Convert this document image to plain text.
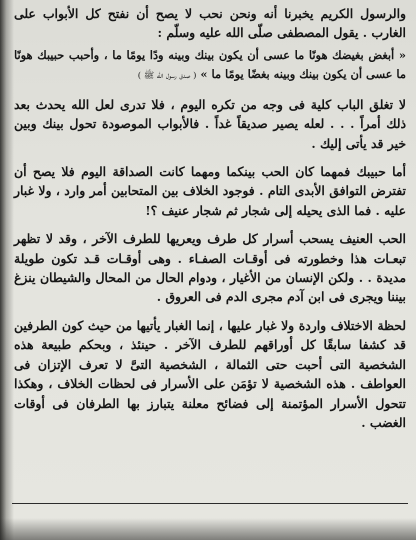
والرسول الكريم يخبرنا أنه ونحن نحب لا يصح أن نفتح كل الأبواب على الغارب . يقول المصطفى صلّى الله عليه وسلّم :

« أبغض بغيضك هونًا ما عسى أن يكون بينك وبينه ودًا يومًا ما ، وأحبب حبيبك هونًا ما عسى أن يكون بينك وبينه بغضًا يومًا ما » ( صدق رسول الله ﷺ )

لا تغلق الباب كلية فى وجه من تكره اليوم ، فلا تدرى لعل الله يحدث بعد ذلك أمراً . . . لعله يصير صديقاً غداً . فالأبواب الموصودة تحول بينك وبين خير قد يأتى إليك .

أما حبيبك فمهما كان الحب بينكما ومهما كانت الصداقة اليوم فلا يصح أن تفترض التوافق الأبدى التام . فوجود الخلاف بين المتحابين أمر وارد ، ولا غبار عليه . فما الذى يحيله إلى شجار ثم شجار عنيف ؟!

الحب العنيف يسحب أسرار كل طرف ويعريها للطرف الآخر ، وقد لا تظهر تبعـات هذا وخطورته فى أوقـات الصفـاء . وهى أوقـات قـد تكون طويلة مديدة . . ولكن الإنسان من الأغيار ، ودوام الحال من المحال والشيطان ينزغ بيننا ويجرى فى ابن آدم مجرى الدم فى العروق .

لحظة الاختلاف واردة ولا غبار عليها ، إنما الغبار يأتيها من حيث كون الطرفين قد كشفا سابقًا كل أوراقهم للطرف الآخر . حينئذ ، وبحكم طبيعة هذه الشخصية التى أحبت حتى الثمالة ، الشخصية التىَّ لا تعرف الإتزان فى العواطف . هذه الشخصية لا تؤمَن على الأسرار فى لحظات الخلاف ، وهكذا تتحول الأسرار المؤتمنة إلى فضائح معلنة يتبارز بها الطرفان فى أوقات الغضب .
